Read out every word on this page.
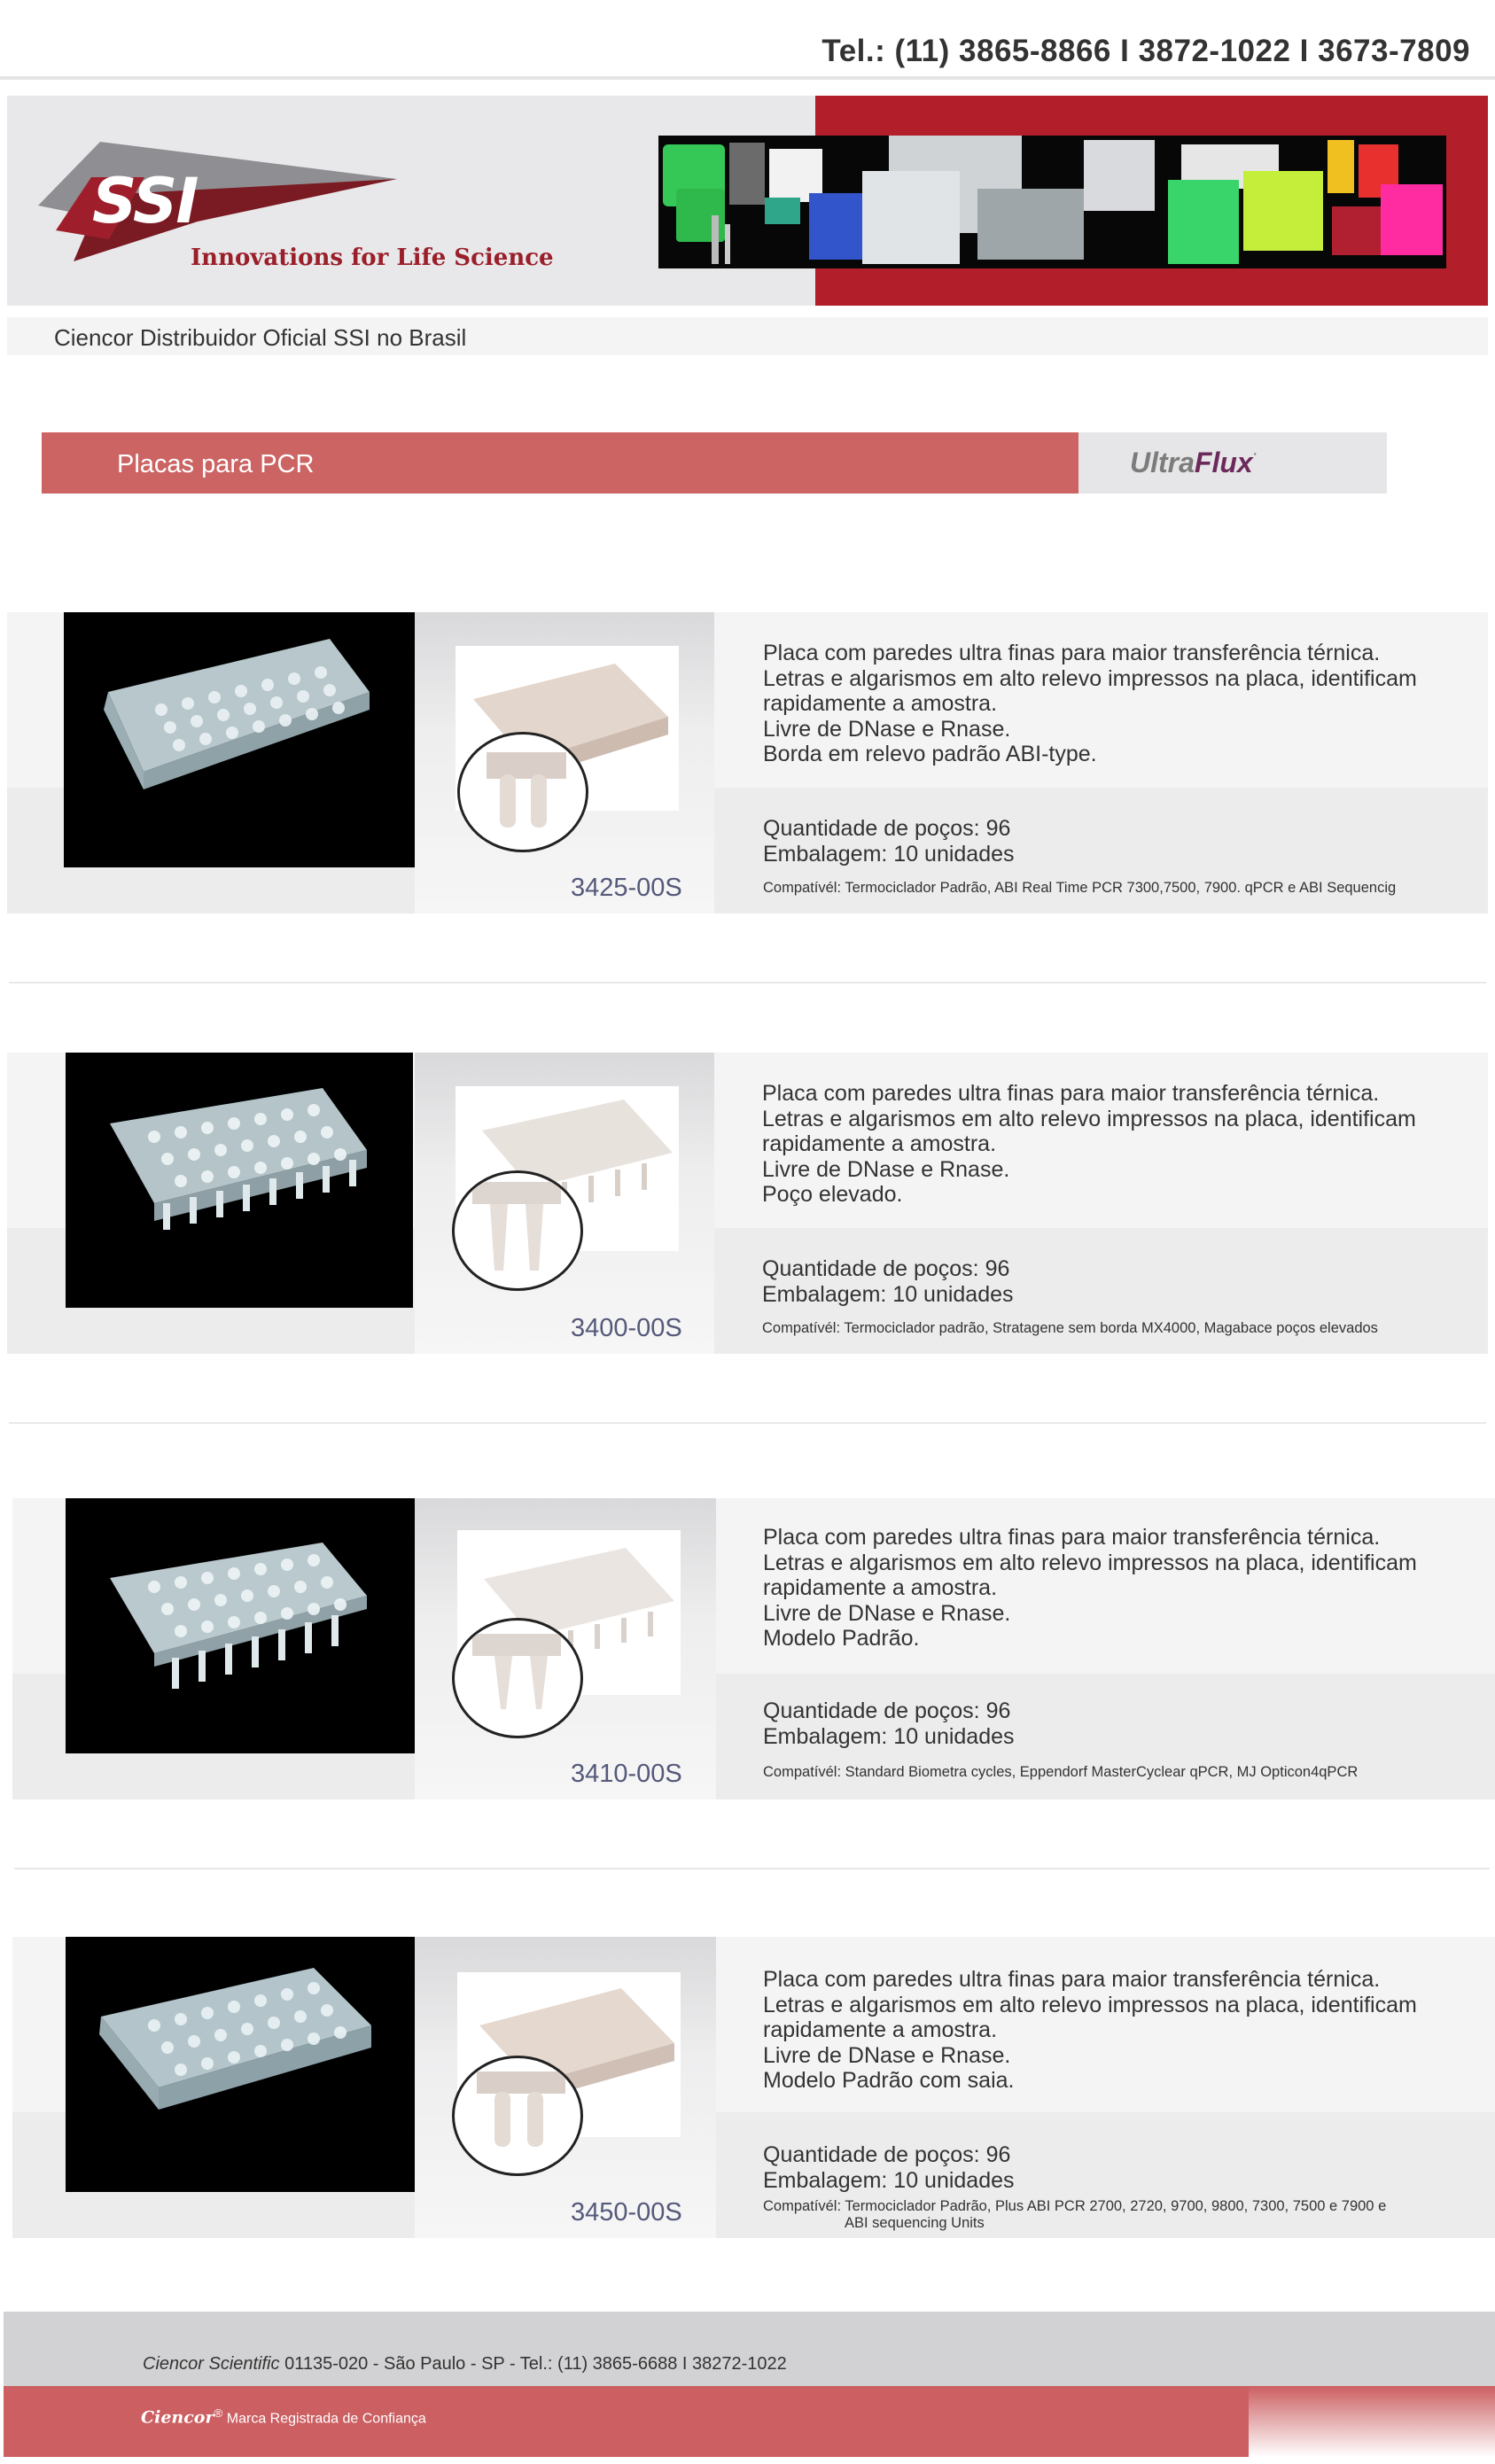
Tel.: (11) 3865-8866 I 3872-1022 I 3673-7809
SSI
Innovations for Life Science
Ciencor Distribuidor Oficial SSI no Brasil
Placas para PCR	UltraFlux·
3425-00S
Placa com paredes ultra finas para maior transferência térnica.
Letras e algarismos em alto relevo impressos na placa, identificam
rapidamente a amostra.
Livre de DNase e Rnase.
Borda em relevo padrão ABI-type.
Quantidade de poços: 96
Embalagem: 10 unidades
Compatívél: Termociclador Padrão, ABI Real Time PCR 7300,7500, 7900. qPCR e ABI Sequencig
3400-00S
Placa com paredes ultra finas para maior transferência térnica.
Letras e algarismos em alto relevo impressos na placa, identificam
rapidamente a amostra.
Livre de DNase e Rnase.
Poço elevado.
Quantidade de poços: 96
Embalagem: 10 unidades
Compatívél: Termociclador padrão, Stratagene sem borda MX4000, Magabace poços elevados
3410-00S
Placa com paredes ultra finas para maior transferência térnica.
Letras e algarismos em alto relevo impressos na placa, identificam
rapidamente a amostra.
Livre de DNase e Rnase.
Modelo Padrão.
Quantidade de poços: 96
Embalagem: 10 unidades
Compatívél: Standard Biometra cycles, Eppendorf MasterCyclear qPCR, MJ Opticon4qPCR
3450-00S
Placa com paredes ultra finas para maior transferência térnica.
Letras e algarismos em alto relevo impressos na placa, identificam
rapidamente a amostra.
Livre de DNase e Rnase.
Modelo Padrão com saia.
Quantidade de poços: 96
Embalagem: 10 unidades
Compatívél: Termociclador Padrão, Plus ABI PCR 2700, 2720, 9700, 9800, 7300, 7500 e 7900 e
ABI sequencing Units
Ciencor Scientific 01135-020 - São Paulo - SP - Tel.: (11) 3865-6688 I 38272-1022
Ciencor® Marca Registrada de Confiança
